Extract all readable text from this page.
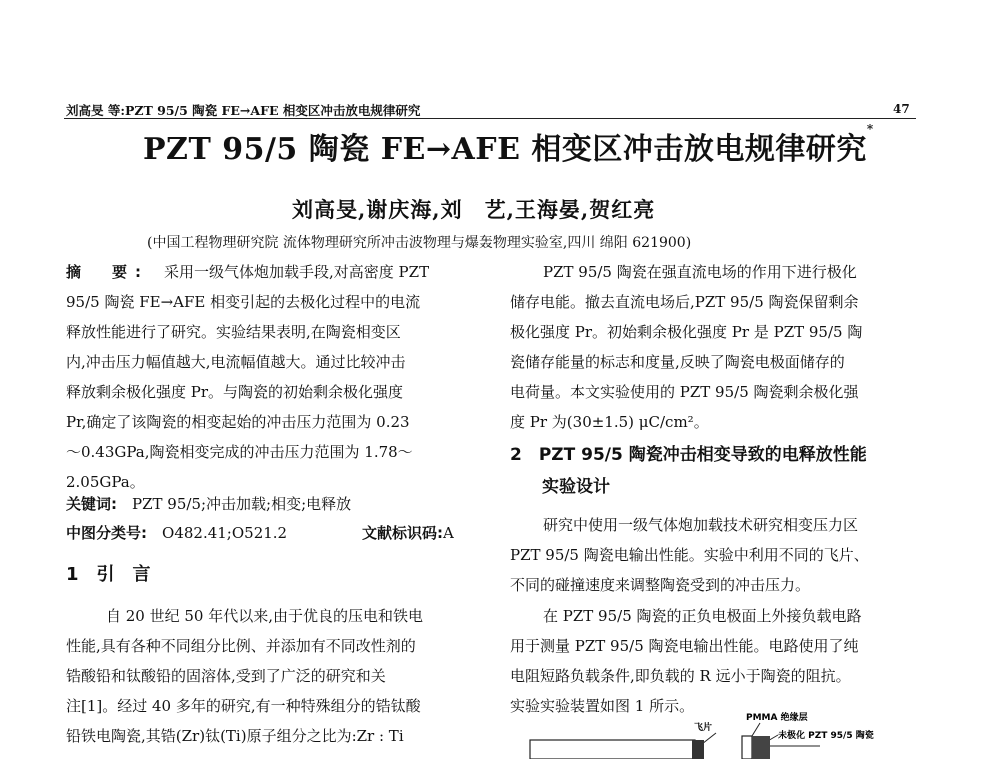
刘高旻 等:PZT 95/5 陶瓷 FE→AFE 相变区冲击放电规律研究	47
PZT 95/5 陶瓷 FE→AFE 相变区冲击放电规律研究*
刘高旻,谢庆海,刘　艺,王海晏,贺红亮
(中国工程物理研究院 流体物理研究所冲击波物理与爆轰物理实验室,四川 绵阳 621900)
摘　要:　 采用一级气体炮加载手段,对高密度 PZT
95/5 陶瓷 FE→AFE 相变引起的去极化过程中的电流
释放性能进行了研究。实验结果表明,在陶瓷相变区
内,冲击压力幅值越大,电流幅值越大。通过比较冲击
释放剩余极化强度 Pr。与陶瓷的初始剩余极化强度
Pr,确定了该陶瓷的相变起始的冲击压力范围为 0.23
～0.43GPa,陶瓷相变完成的冲击压力范围为 1.78～
2.05GPa。
关键词:　 PZT 95/5;冲击加载;相变;电释放
中图分类号:　 O482.41;O521.2	文献标识码:A
1　 引　言
自 20 世纪 50 年代以来,由于优良的压电和铁电
性能,具有各种不同组分比例、并添加有不同改性剂的
锆酸铅和钛酸铅的固溶体,受到了广泛的研究和关
注[1]。经过 40 多年的研究,有一种特殊组分的锆钛酸
铅铁电陶瓷,其锆(Zr)钛(Ti)原子组分之比为:Zr : Ti
PZT 95/5 陶瓷在强直流电场的作用下进行极化
储存电能。撤去直流电场后,PZT 95/5 陶瓷保留剩余
极化强度 Pr。初始剩余极化强度 Pr 是 PZT 95/5 陶
瓷储存能量的标志和度量,反映了陶瓷电极面储存的
电荷量。本文实验使用的 PZT 95/5 陶瓷剩余极化强
度 Pr 为(30±1.5) μC/cm²。
2　 PZT 95/5 陶瓷冲击相变导致的电释放性能
实验设计
研究中使用一级气体炮加载技术研究相变压力区
PZT 95/5 陶瓷电输出性能。实验中利用不同的飞片、
不同的碰撞速度来调整陶瓷受到的冲击压力。
在 PZT 95/5 陶瓷的正负电极面上外接负载电路
用于测量 PZT 95/5 陶瓷电输出性能。电路使用了纯
电阻短路负载条件,即负载的 R 远小于陶瓷的阻抗。
实验实验装置如图 1 所示。
飞片
PMMA 绝缘层
未极化 PZT 95/5 陶瓷
